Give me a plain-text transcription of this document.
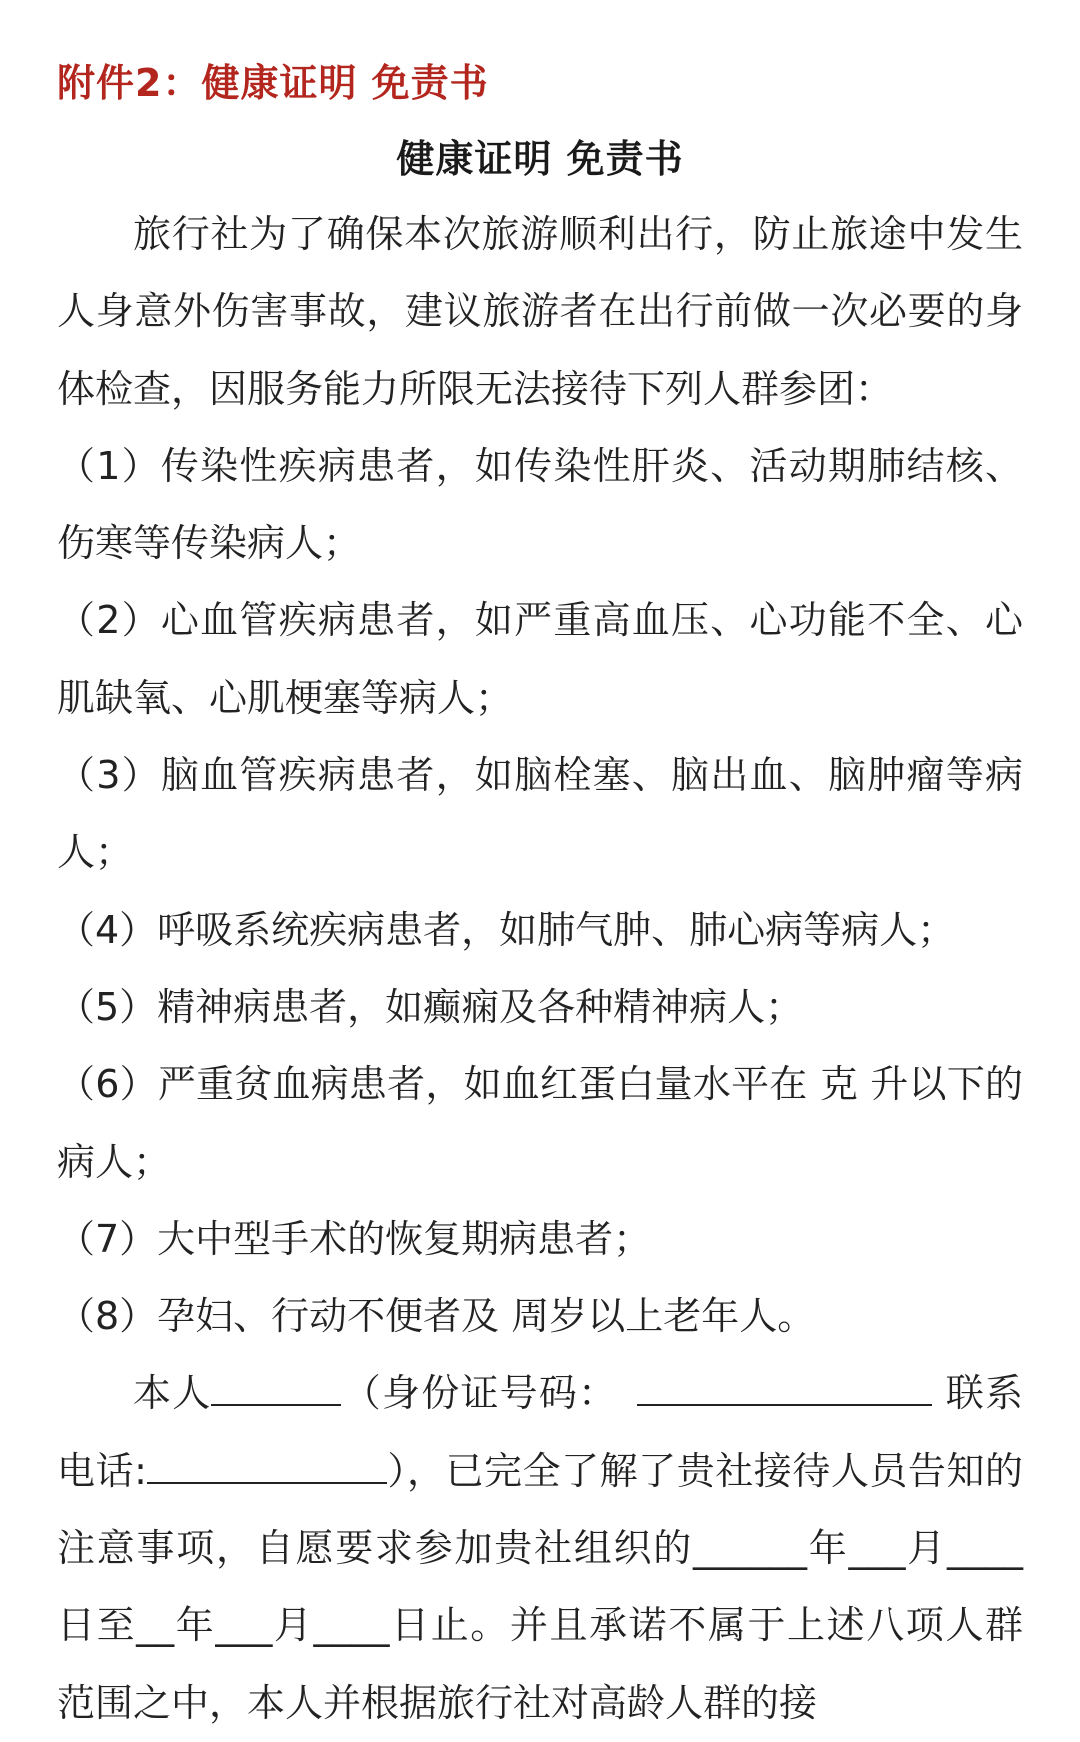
附件2：健康证明 免责书
健康证明 免责书

旅行社为了确保本次旅游顺利出行，防止旅途中发生人身意外伤害事故，建议旅游者在出行前做一次必要的身体检查，因服务能力所限无法接待下列人群参团：

（1）传染性疾病患者，如传染性肝炎、活动期肺结核、伤寒等传染病人；

（2）心血管疾病患者，如严重高血压、心功能不全、心肌缺氧、心肌梗塞等病人；

（3）脑血管疾病患者，如脑栓塞、脑出血、脑肿瘤等病人；

（4）呼吸系统疾病患者，如肺气肿、肺心病等病人；

（5）精神病患者，如癫痫及各种精神病人；

（6）严重贫血病患者，如血红蛋白量水平在 克 升以下的病人；

（7）大中型手术的恢复期病患者；

（8）孕妇、行动不便者及 周岁以上老年人。

本人	（身份证号码：	联系电话:	），已完全了解了贵社接待人员告知的注意事项，自愿要求参加贵社组织的______年___月____日至__年___月____日止。并且承诺不属于上述八项人群范围之中，本人并根据旅行社对高龄人群的接
